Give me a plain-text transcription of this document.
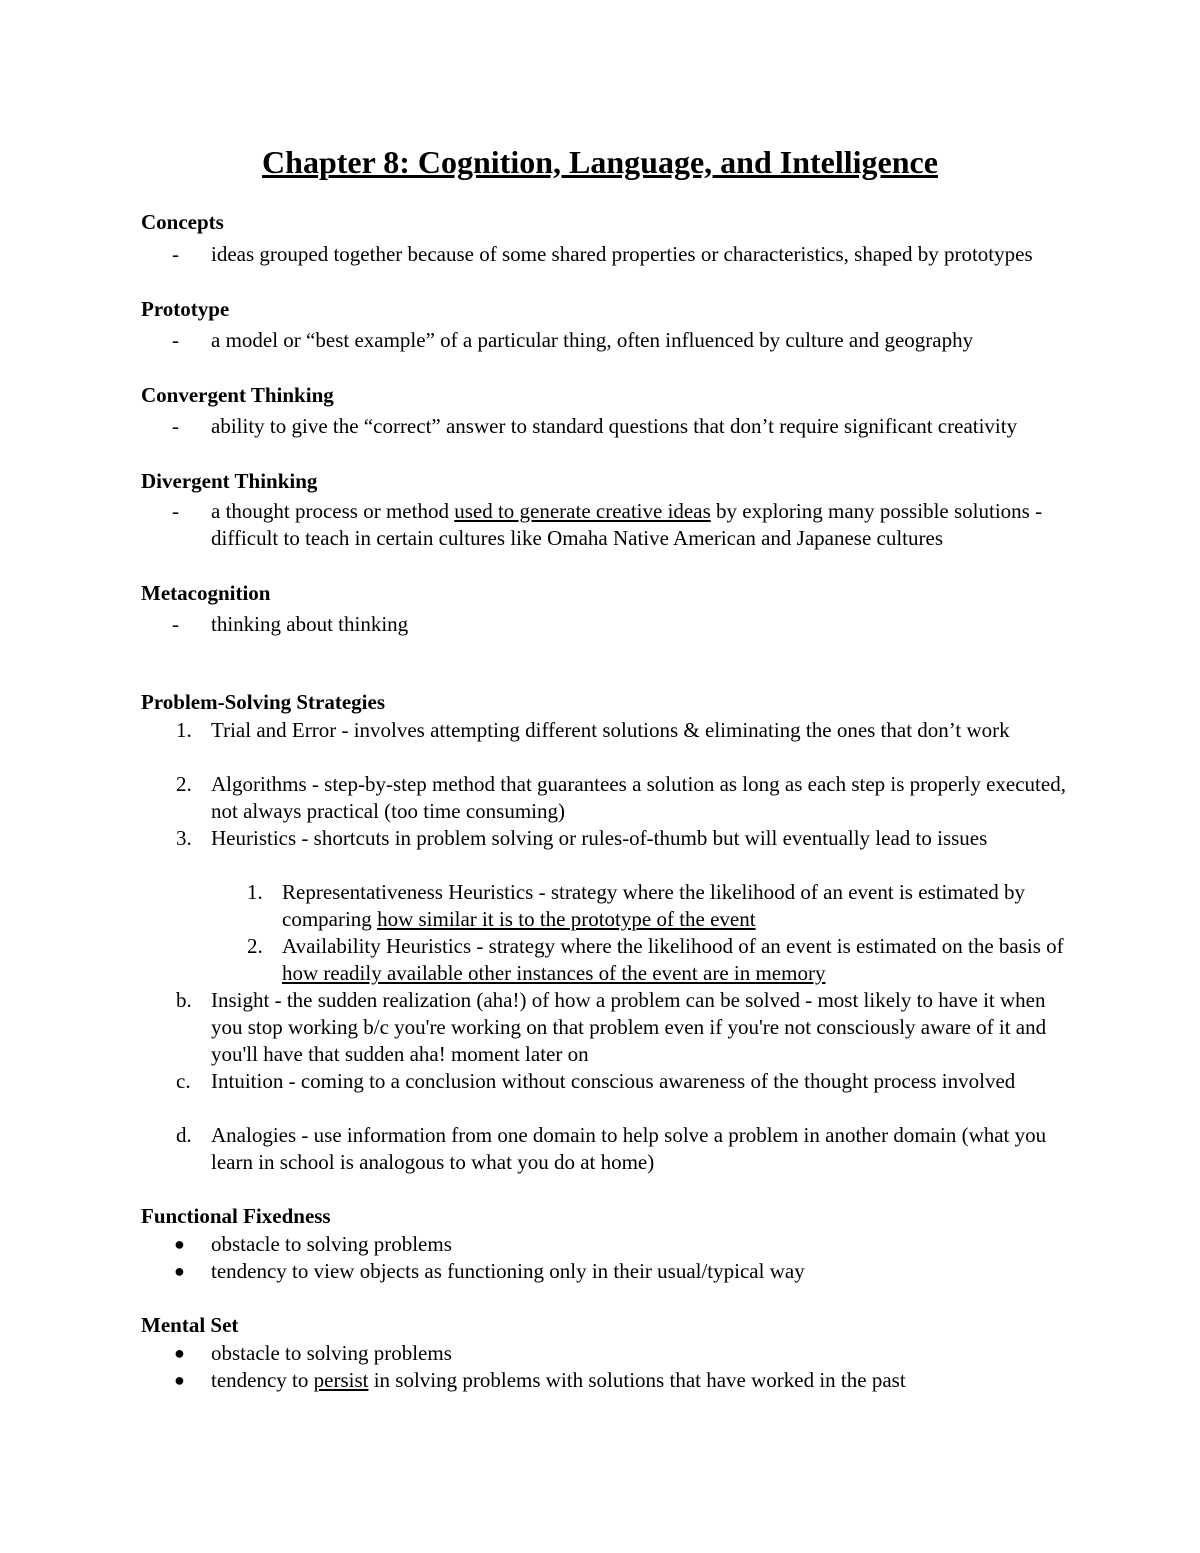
Chapter 8: Cognition, Language, and Intelligence

Concepts

- ideas grouped together because of some shared properties or characteristics, shaped by prototypes

Prototype

- a model or “best example” of a particular thing, often influenced by culture and geography

Convergent Thinking

- ability to give the “correct” answer to standard questions that don’t require significant creativity

Divergent Thinking

- a thought process or method used to generate creative ideas by exploring many possible solutions - difficult to teach in certain cultures like Omaha Native American and Japanese cultures

Metacognition

- thinking about thinking

Problem-Solving Strategies

1. Trial and Error - involves attempting different solutions & eliminating the ones that don’t work

2. Algorithms - step-by-step method that guarantees a solution as long as each step is properly executed, not always practical (too time consuming)

3. Heuristics - shortcuts in problem solving or rules-of-thumb but will eventually lead to issues

1. Representativeness Heuristics - strategy where the likelihood of an event is estimated by comparing how similar it is to the prototype of the event

2. Availability Heuristics - strategy where the likelihood of an event is estimated on the basis of how readily available other instances of the event are in memory

b. Insight - the sudden realization (aha!) of how a problem can be solved - most likely to have it when you stop working b/c you're working on that problem even if you're not consciously aware of it and you'll have that sudden aha! moment later on

c. Intuition - coming to a conclusion without conscious awareness of the thought process involved

d. Analogies - use information from one domain to help solve a problem in another domain (what you learn in school is analogous to what you do at home)

Functional Fixedness

● obstacle to solving problems

● tendency to view objects as functioning only in their usual/typical way

Mental Set

● obstacle to solving problems

● tendency to persist in solving problems with solutions that have worked in the past
